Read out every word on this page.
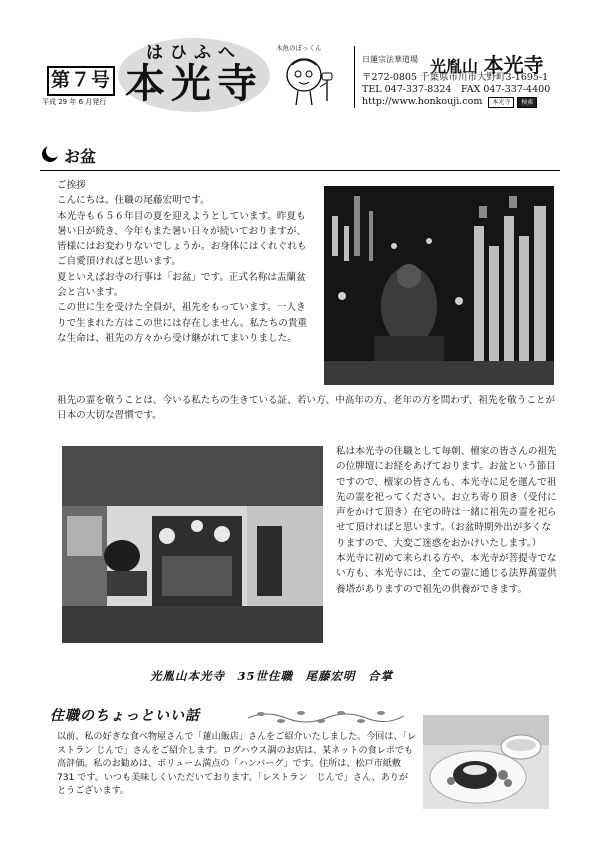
第７号
平成 29 年 6 月発行
はひふへ
本光寺
木魚のぽっくん
日蓮宗法華道場 光胤山 本光寺
〒272-0805 千葉県市川市大野町3-1695-1
TEL 047-337-8324　FAX 047-337-4400
http://www.honkouji.com 本光寺 検索
お盆
ご挨拶
こんにちは。住職の尾藤宏明です。
本光寺も６５６年目の夏を迎えようとしています。昨夏も暑い日が続き、今年もまた暑い日々が続いておりますが、皆様にはお変わりないでしょうか。お身体にはくれぐれもご自愛頂ければと思います。
夏といえばお寺の行事は「お盆」です。正式名称は盂蘭盆会と言います。
この世に生を受けた全員が、祖先をもっています。一人きりで生まれた方はこの世には存在しません。私たちの貴重な生命は、祖先の方々から受け継がれてまいりました。
祖先の霊を敬うことは、今いる私たちの生きている証、若い方、中高年の方、老年の方を問わず、祖先を敬うことが日本の大切な習慣です。
私は本光寺の住職として毎朝、檀家の皆さんの祖先の位牌壇にお経をあげております。お盆という節目ですので、檀家の皆さんも、本光寺に足を運んで祖先の霊を祀ってください。お立ち寄り頂き（受付に声をかけて頂き）在宅の時は一緒に祖先の霊を祀らせて頂ければと思います。（お盆時期外出が多くなりますので、大変ご迷惑をおかけいたします。）
本光寺に初めて来られる方や、本光寺が菩提寺でない方も、本光寺には、全ての霊に通じる法界萬霊供養塔がありますので祖先の供養ができます。
光胤山本光寺　35世住職　尾藤宏明　合掌
住職のちょっといい話
以前、私の好きな食べ物屋さんで「蓮山飯店」さんをご紹介いたしました。今回は、「レストラン じんで」さんをご紹介します。ログハウス調のお店は、某ネットの食レポでも高評価。私のお勧めは、ボリューム満点の「ハンバーグ」です。住所は、松戸市紙敷 731 です。いつも美味しくいただいております。「レストラン　じんで」さん、ありがとうございます。
